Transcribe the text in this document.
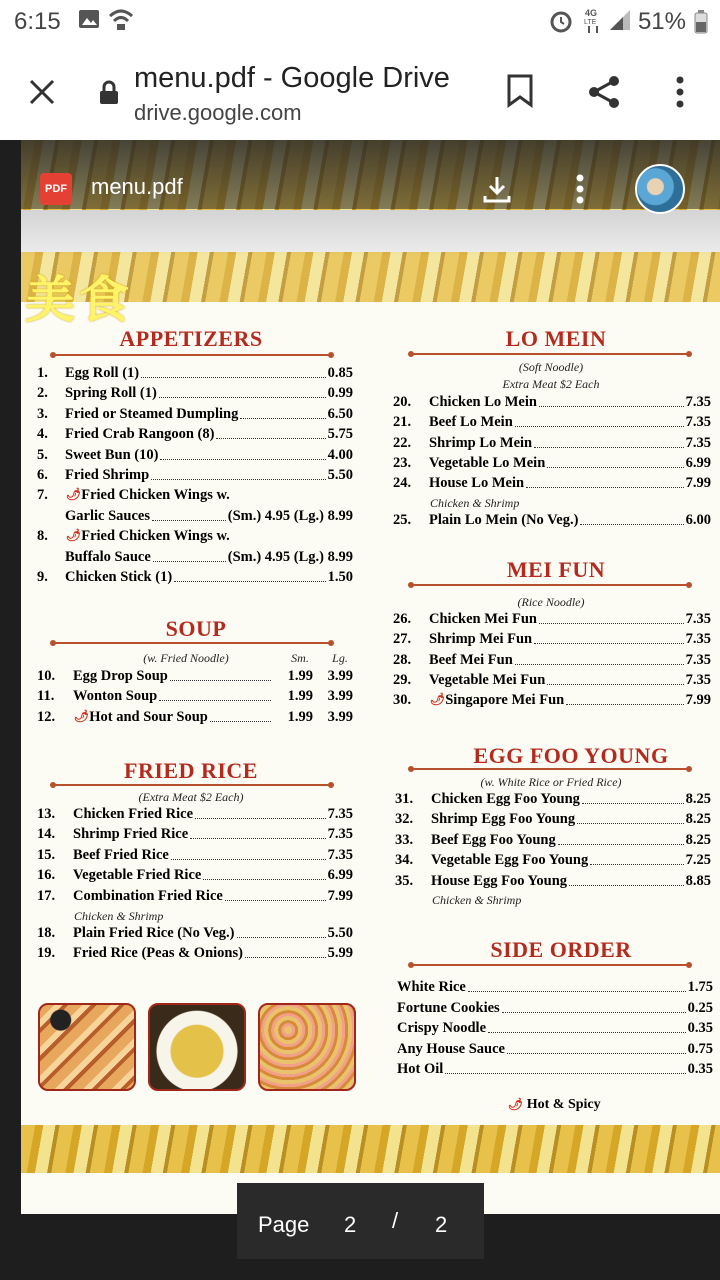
6:15	4G
LTE 51%
menu.pdf - Google Drive
drive.google.com
美食
APPETIZERS
1.	Egg Roll (1)	0.85
2.	Spring Roll (1)	0.99
3.	Fried or Steamed Dumpling	6.50
4.	Fried Crab Rangoon (8)	5.75
5.	Sweet Bun (10)	4.00
6.	Fried Shrimp	5.50
7.	🌶︎ Fried Chicken Wings w.
Garlic Sauces	(Sm.) 4.95 (Lg.) 8.99
8.	🌶︎ Fried Chicken Wings w.
Buffalo Sauce	(Sm.) 4.95 (Lg.) 8.99
9.	Chicken Stick (1)	1.50
SOUP
(w. Fried Noodle)	Sm. Lg.
10.	Egg Drop Soup	1.99	3.99
11.	Wonton Soup	1.99	3.99
12.	🌶︎ Hot and Sour Soup	1.99	3.99
FRIED RICE
(Extra Meat $2 Each)
13.	Chicken Fried Rice	7.35
14.	Shrimp Fried Rice	7.35
15.	Beef Fried Rice	7.35
16.	Vegetable Fried Rice	6.99
17.	Combination Fried Rice	7.99
18.	Plain Fried Rice (No Veg.)	5.50
19.	Fried Rice (Peas & Onions)	5.99
Chicken & Shrimp
LO MEIN
(Soft Noodle)
Extra Meat $2 Each
20.	Chicken Lo Mein	7.35
21.	Beef Lo Mein	7.35
22.	Shrimp Lo Mein	7.35
23.	Vegetable Lo Mein	6.99
24.	House Lo Mein	7.99
25.	Plain Lo Mein (No Veg.)	6.00
Chicken & Shrimp
MEI FUN
(Rice Noodle)
26.	Chicken Mei Fun	7.35
27.	Shrimp Mei Fun	7.35
28.	Beef Mei Fun	7.35
29.	Vegetable Mei Fun	7.35
30.	🌶︎ Singapore Mei Fun	7.99
EGG FOO YOUNG
(w. White Rice or Fried Rice)
31.	Chicken Egg Foo Young	8.25
32.	Shrimp Egg Foo Young	8.25
33.	Beef Egg Foo Young	8.25
34.	Vegetable Egg Foo Young	7.25
35.	House Egg Foo Young	8.85
Chicken & Shrimp
SIDE ORDER
White Rice	1.75
Fortune Cookies	0.25
Crispy Noodle	0.35
Any House Sauce	0.75
Hot Oil	0.35
🌶︎ Hot & Spicy
PDF menu.pdf
Page 2 / 2
